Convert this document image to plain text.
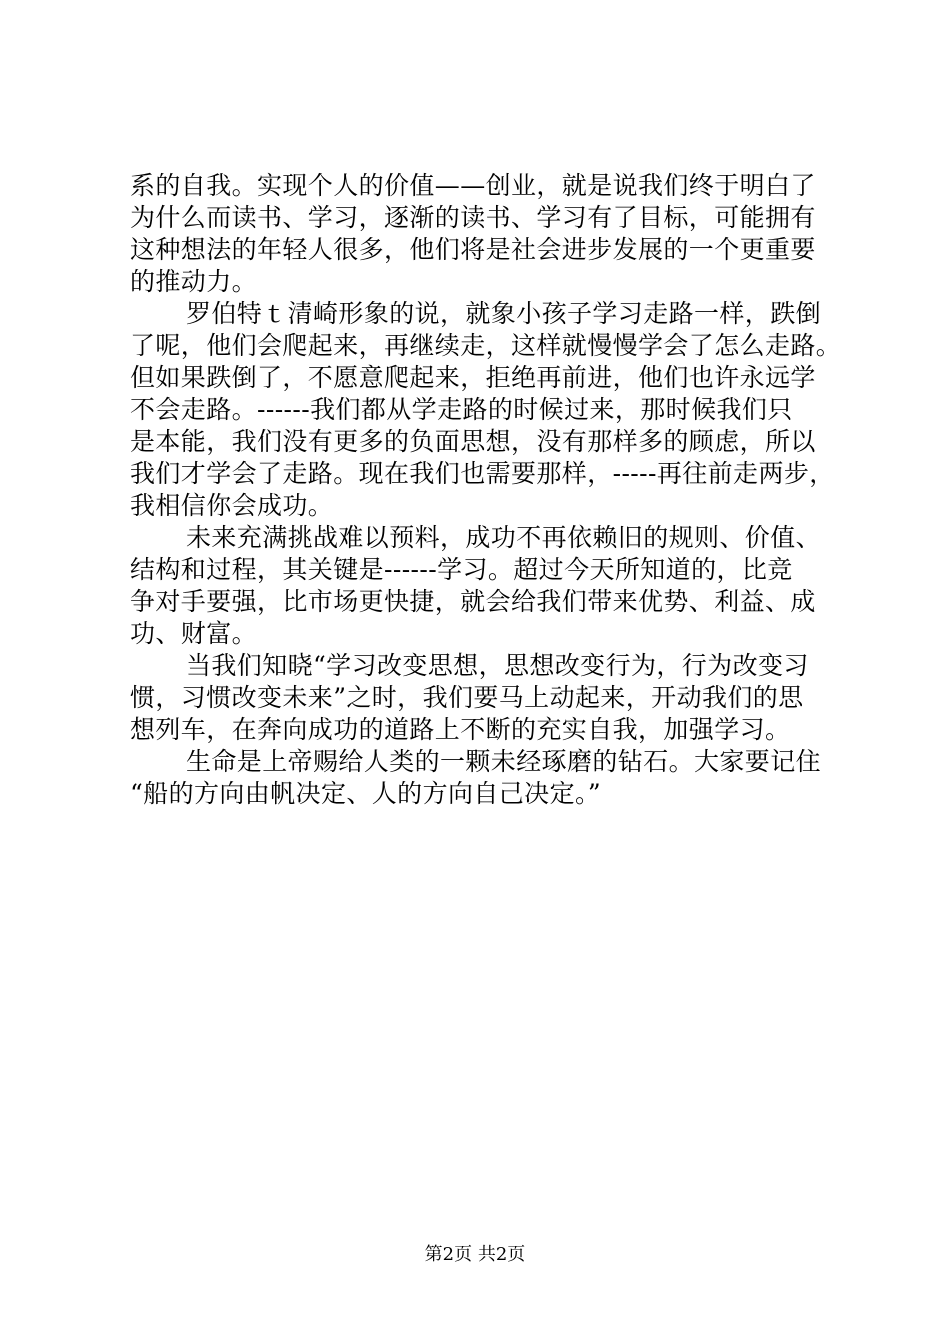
系的自我。实现个人的价值——创业，就是说我们终于明白了
为什么而读书、学习，逐渐的读书、学习有了目标，可能拥有
这种想法的年轻人很多，他们将是社会进步发展的一个更重要
的推动力。
罗伯特ｔ清崎形象的说，就象小孩子学习走路一样，跌倒
了呢，他们会爬起来，再继续走，这样就慢慢学会了怎么走路。
但如果跌倒了，不愿意爬起来，拒绝再前进，他们也许永远学
不会走路。------我们都从学走路的时候过来，那时候我们只
是本能，我们没有更多的负面思想，没有那样多的顾虑，所以
我们才学会了走路。现在我们也需要那样，-----再往前走两步，
我相信你会成功。
未来充满挑战难以预料，成功不再依赖旧的规则、价值、
结构和过程，其关键是------学习。超过今天所知道的，比竞
争对手要强，比市场更快捷，就会给我们带来优势、利益、成
功、财富。
当我们知晓“学习改变思想，思想改变行为，行为改变习
惯，习惯改变未来”之时，我们要马上动起来，开动我们的思
想列车，在奔向成功的道路上不断的充实自我，加强学习。
生命是上帝赐给人类的一颗未经琢磨的钻石。大家要记住
“船的方向由帆决定、人的方向自己决定。”
第2页 共2页
